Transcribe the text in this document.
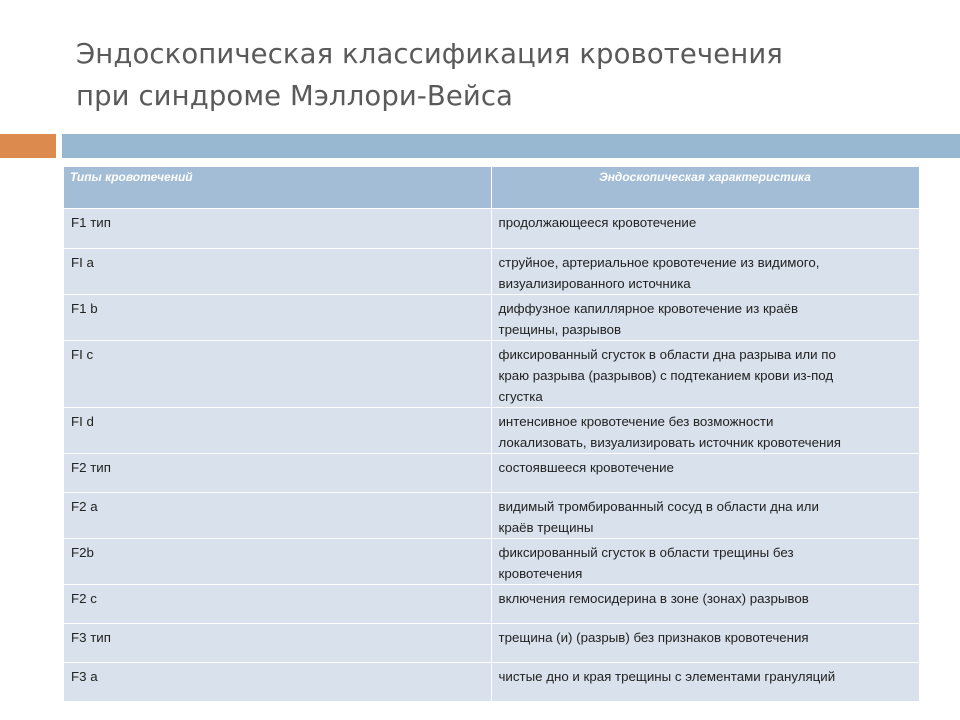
Эндоскопическая классификация кровотечения
при синдроме Мэллори-Вейса
Типы кровотечений	Эндоскопическая характеристика
F1 тип	продолжающееся кровотечение
FI a	струйное, артериальное кровотечение из видимого,
визуализированного источника
F1 b	диффузное капиллярное кровотечение из краёв
трещины, разрывов
FI c	фиксированный сгусток в области дна разрыва или по
краю разрыва (разрывов) с подтеканием крови из-под
сгустка
FI d	интенсивное кровотечение без возможности
локализовать, визуализировать источник кровотечения
F2 тип	состоявшееся кровотечение
F2 a	видимый тромбированный сосуд в области дна или
краёв трещины
F2b	фиксированный сгусток в области трещины без
кровотечения
F2 c	включения гемосидерина в зоне (зонах) разрывов
F3 тип	трещина (и) (разрыв) без признаков кровотечения
F3 a	чистые дно и края трещины с элементами грануляций
